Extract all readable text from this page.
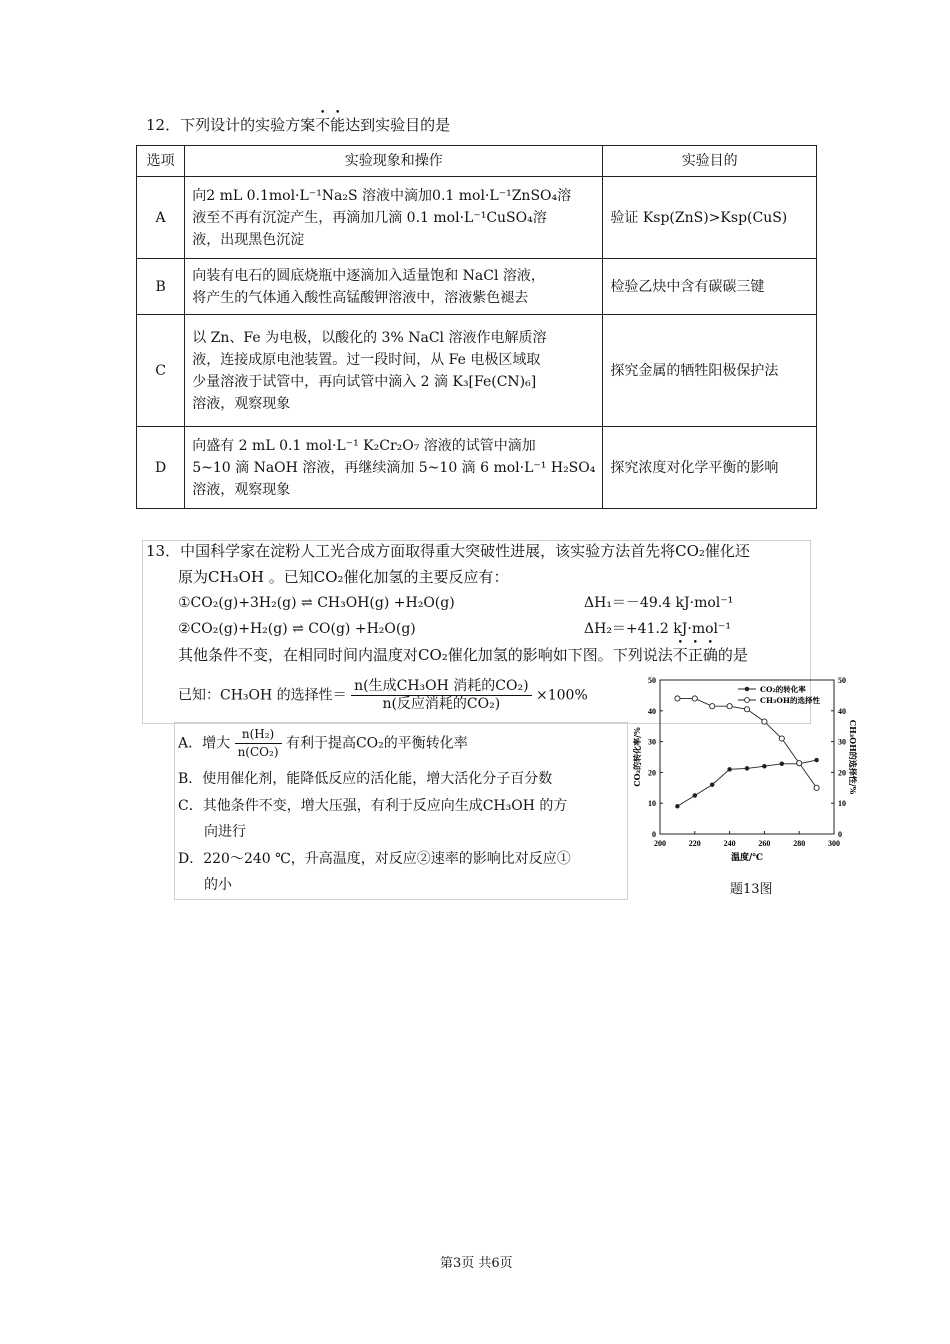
12．下列设计的实验方案不能达到实验目的是
选项	实验现象和操作	实验目的
A	向2 mL 0.1mol·L⁻¹Na₂S 溶液中滴加0.1 mol·L⁻¹ZnSO₄溶
液至不再有沉淀产生，再滴加几滴 0.1 mol·L⁻¹CuSO₄溶
液，出现黑色沉淀	验证 Ksp(ZnS)>Ksp(CuS)
B	向装有电石的圆底烧瓶中逐滴加入适量饱和 NaCl 溶液，
将产生的气体通入酸性高锰酸钾溶液中，溶液紫色褪去	检验乙炔中含有碳碳三键
C	以 Zn、Fe 为电极，以酸化的 3% NaCl 溶液作电解质溶
液，连接成原电池装置。过一段时间，从 Fe 电极区域取
少量溶液于试管中，再向试管中滴入 2 滴 K₃[Fe(CN)₆]
溶液，观察现象	探究金属的牺牲阳极保护法
D	向盛有 2 mL 0.1 mol·L⁻¹ K₂Cr₂O₇ 溶液的试管中滴加
5~10 滴 NaOH 溶液，再继续滴加 5~10 滴 6 mol·L⁻¹ H₂SO₄
溶液，观察现象	探究浓度对化学平衡的影响
13．中国科学家在淀粉人工光合成方面取得重大突破性进展，该实验方法首先将CO₂催化还
原为CH₃OH 。已知CO₂催化加氢的主要反应有：
①CO₂(g)+3H₂(g) ⇌ CH₃OH(g) +H₂O(g)	ΔH₁＝－49.4 kJ·mol⁻¹
②CO₂(g)+H₂(g) ⇌ CO(g) +H₂O(g)	ΔH₂＝+41.2 kJ·mol⁻¹
其他条件不变，在相同时间内温度对CO₂催化加氢的影响如下图。下列说法不正确的是
已知：CH₃OH 的选择性＝ $\frac{\text{n(生成CH₃OH 消耗的CO₂)}}{\text{n(反应消耗的CO₂)}} \times 100\%$
A．增大 $\frac{\text{n(H₂)}}{\text{n(CO₂)}}$ 有利于提高CO₂的平衡转化率
B．使用催化剂，能降低反应的活化能，增大活化分子百分数
C．其他条件不变，增大压强，有利于反应向生成CH₃OH 的方
向进行
D．220～240 ℃，升高温度，对反应②速率的影响比对反应①
的小
200	220	240	260	280	300
0	0
10	10
20	20
30	30
40	40
50	50
温度/℃
CO₂的转化率/%	CH₃OH的选择性/%
CO₂的转化率
CH₃OH的选择性
题13图
第3页 共6页
